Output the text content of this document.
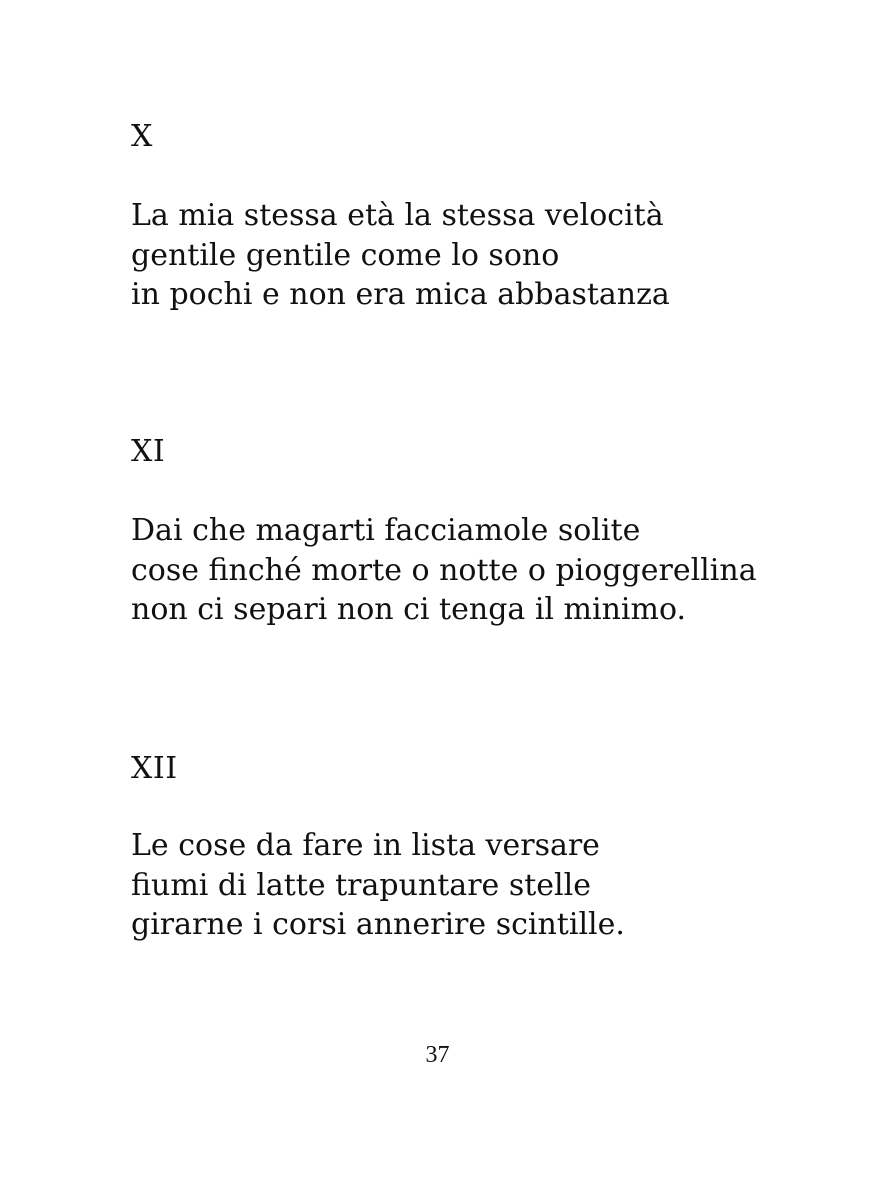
X
La mia stessa età la stessa velocità
gentile gentile come lo sono
in pochi e non era mica abbastanza
XI
Dai che magarti facciamole solite
cose finché morte o notte o pioggerellina
non ci separi non ci tenga il minimo.
XII
Le cose da fare in lista versare
fiumi di latte trapuntare stelle
girarne i corsi annerire scintille.

37
